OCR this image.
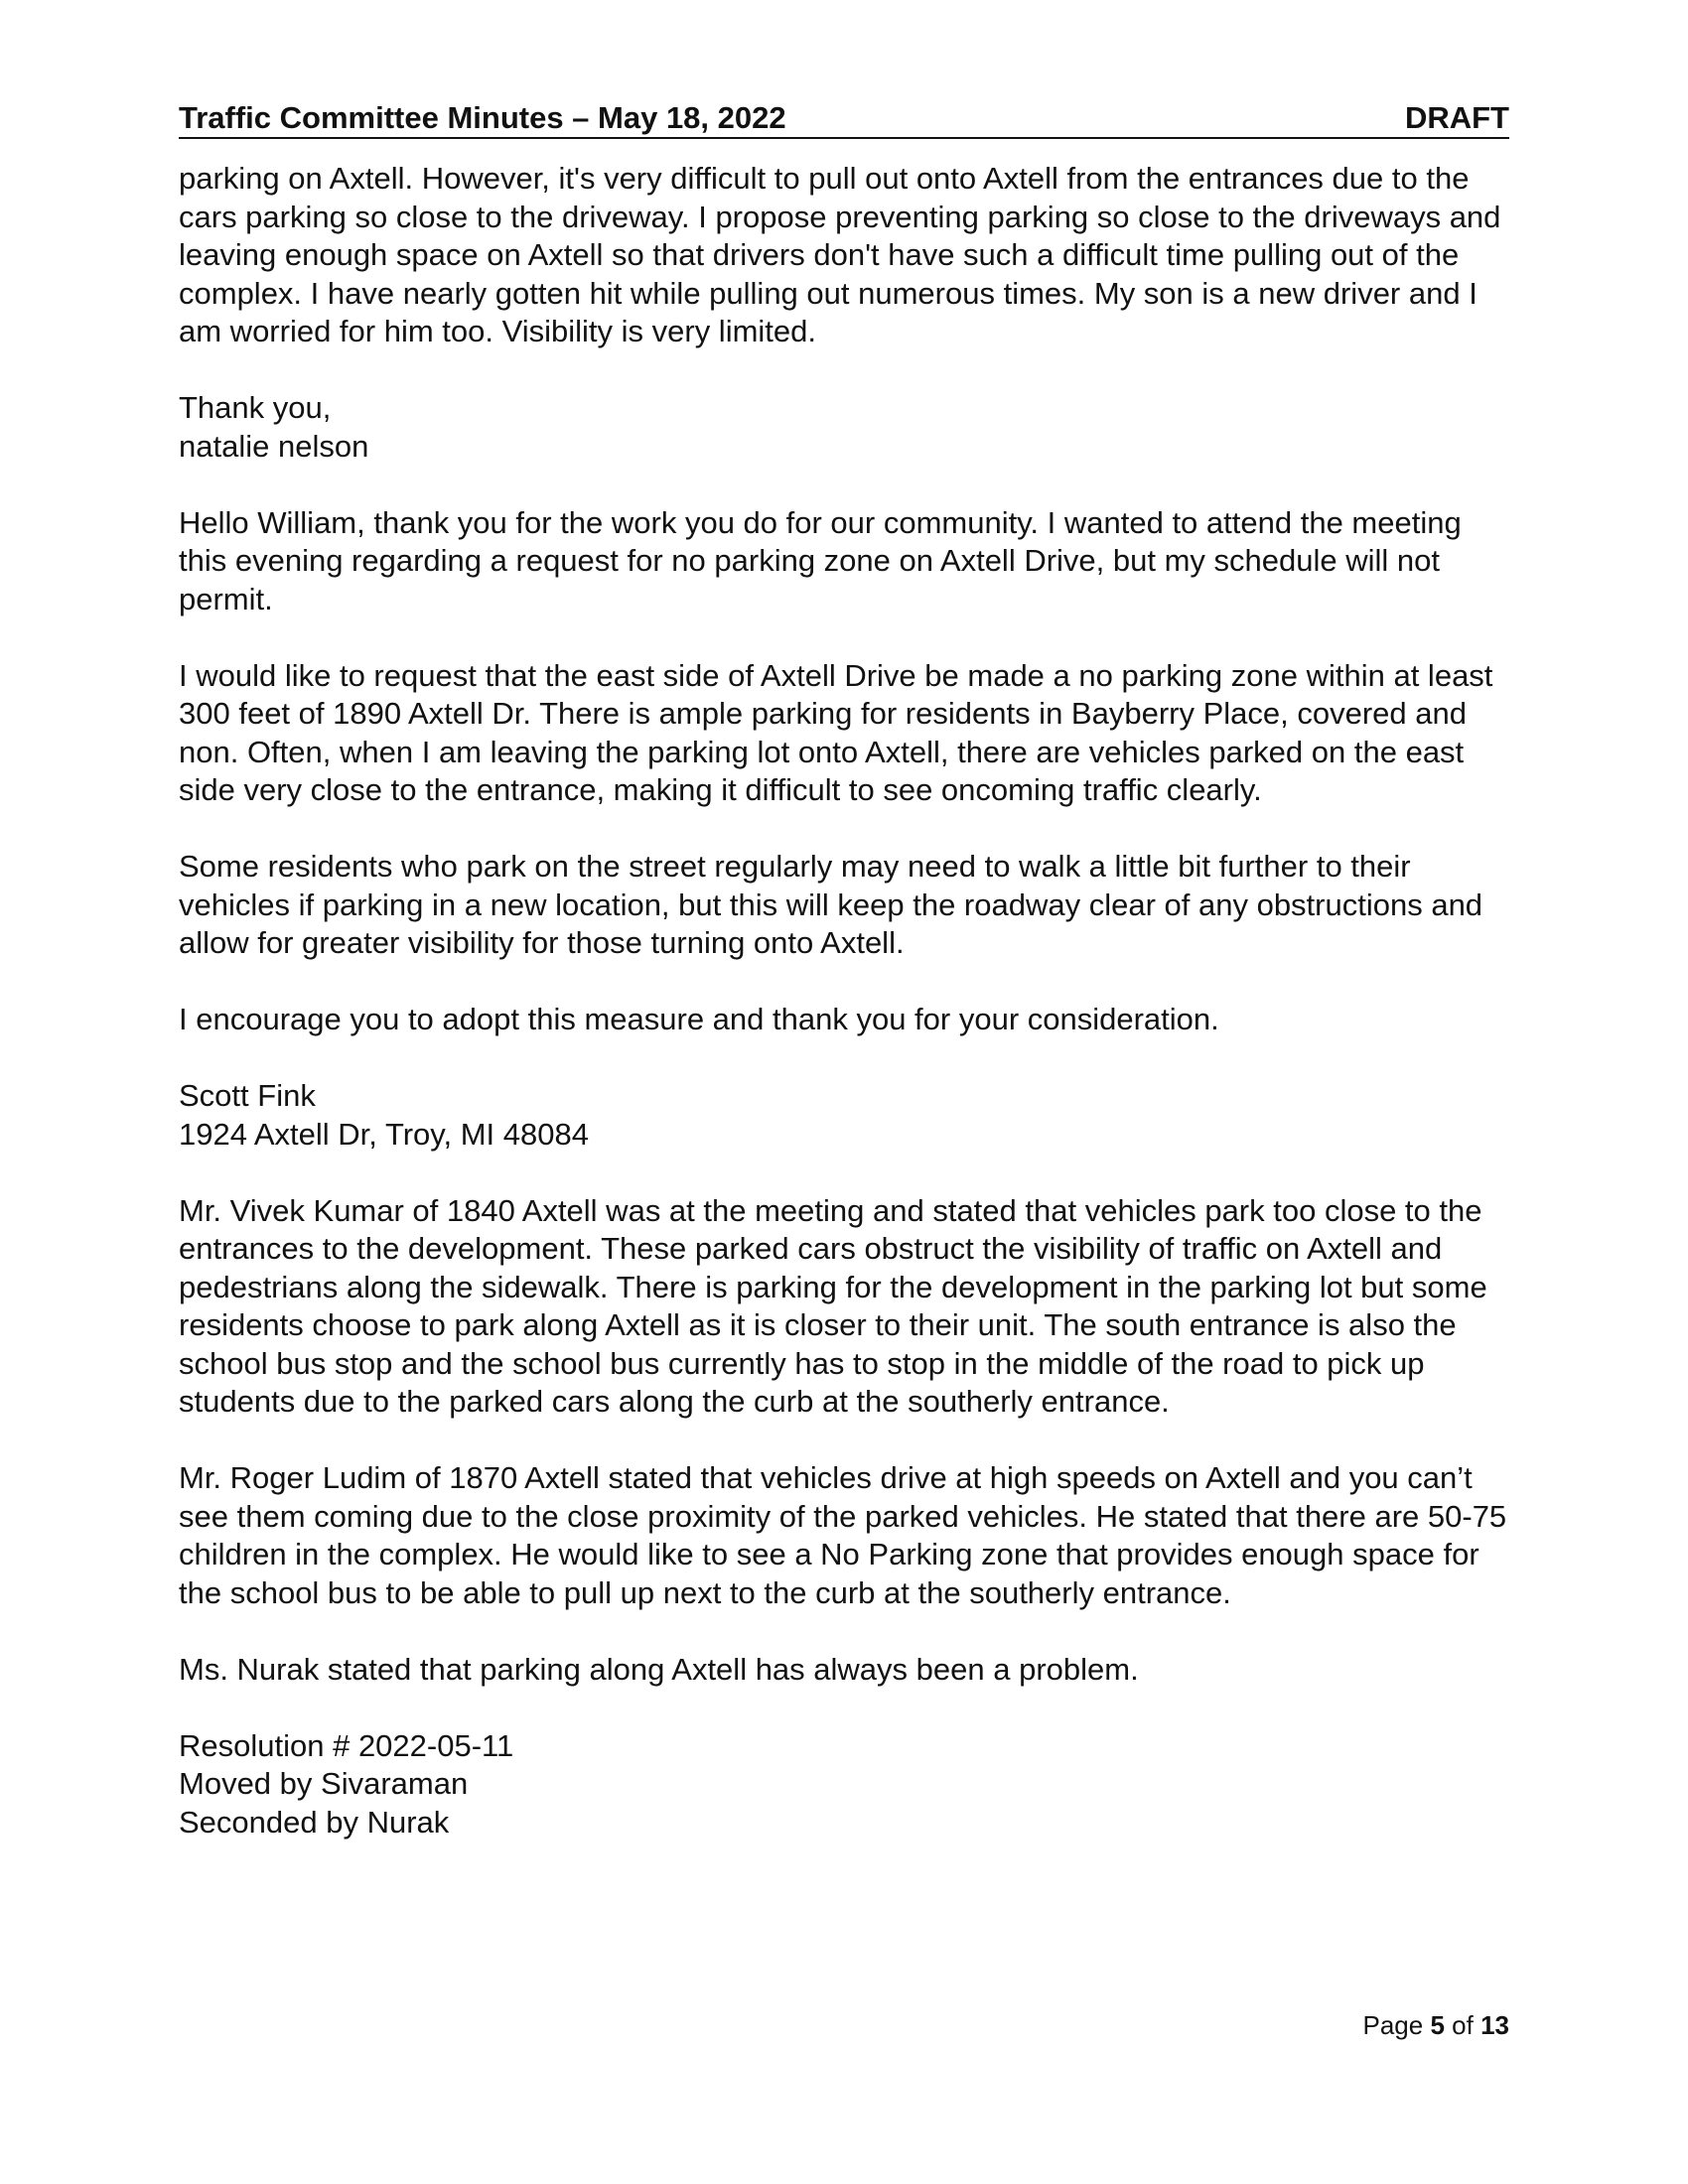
Traffic Committee Minutes – May 18, 2022	DRAFT

parking on Axtell. However, it's very difficult to pull out onto Axtell from the entrances due to the cars parking so close to the driveway. I propose preventing parking so close to the driveways and leaving enough space on Axtell so that drivers don't have such a difficult time pulling out of the complex. I have nearly gotten hit while pulling out numerous times. My son is a new driver and I am worried for him too. Visibility is very limited.

Thank you,
natalie nelson

Hello William, thank you for the work you do for our community. I wanted to attend the meeting this evening regarding a request for no parking zone on Axtell Drive, but my schedule will not permit.

I would like to request that the east side of Axtell Drive be made a no parking zone within at least 300 feet of 1890 Axtell Dr. There is ample parking for residents in Bayberry Place, covered and non. Often, when I am leaving the parking lot onto Axtell, there are vehicles parked on the east side very close to the entrance, making it difficult to see oncoming traffic clearly.

Some residents who park on the street regularly may need to walk a little bit further to their vehicles if parking in a new location, but this will keep the roadway clear of any obstructions and allow for greater visibility for those turning onto Axtell.

I encourage you to adopt this measure and thank you for your consideration.

Scott Fink
1924 Axtell Dr, Troy, MI 48084

Mr. Vivek Kumar of 1840 Axtell was at the meeting and stated that vehicles park too close to the entrances to the development. These parked cars obstruct the visibility of traffic on Axtell and pedestrians along the sidewalk. There is parking for the development in the parking lot but some residents choose to park along Axtell as it is closer to their unit. The south entrance is also the school bus stop and the school bus currently has to stop in the middle of the road to pick up students due to the parked cars along the curb at the southerly entrance.

Mr. Roger Ludim of 1870 Axtell stated that vehicles drive at high speeds on Axtell and you can’t see them coming due to the close proximity of the parked vehicles. He stated that there are 50-75 children in the complex. He would like to see a No Parking zone that provides enough space for the school bus to be able to pull up next to the curb at the southerly entrance.

Ms. Nurak stated that parking along Axtell has always been a problem.

Resolution # 2022-05-11
Moved by Sivaraman
Seconded by Nurak

Page 5 of 13
